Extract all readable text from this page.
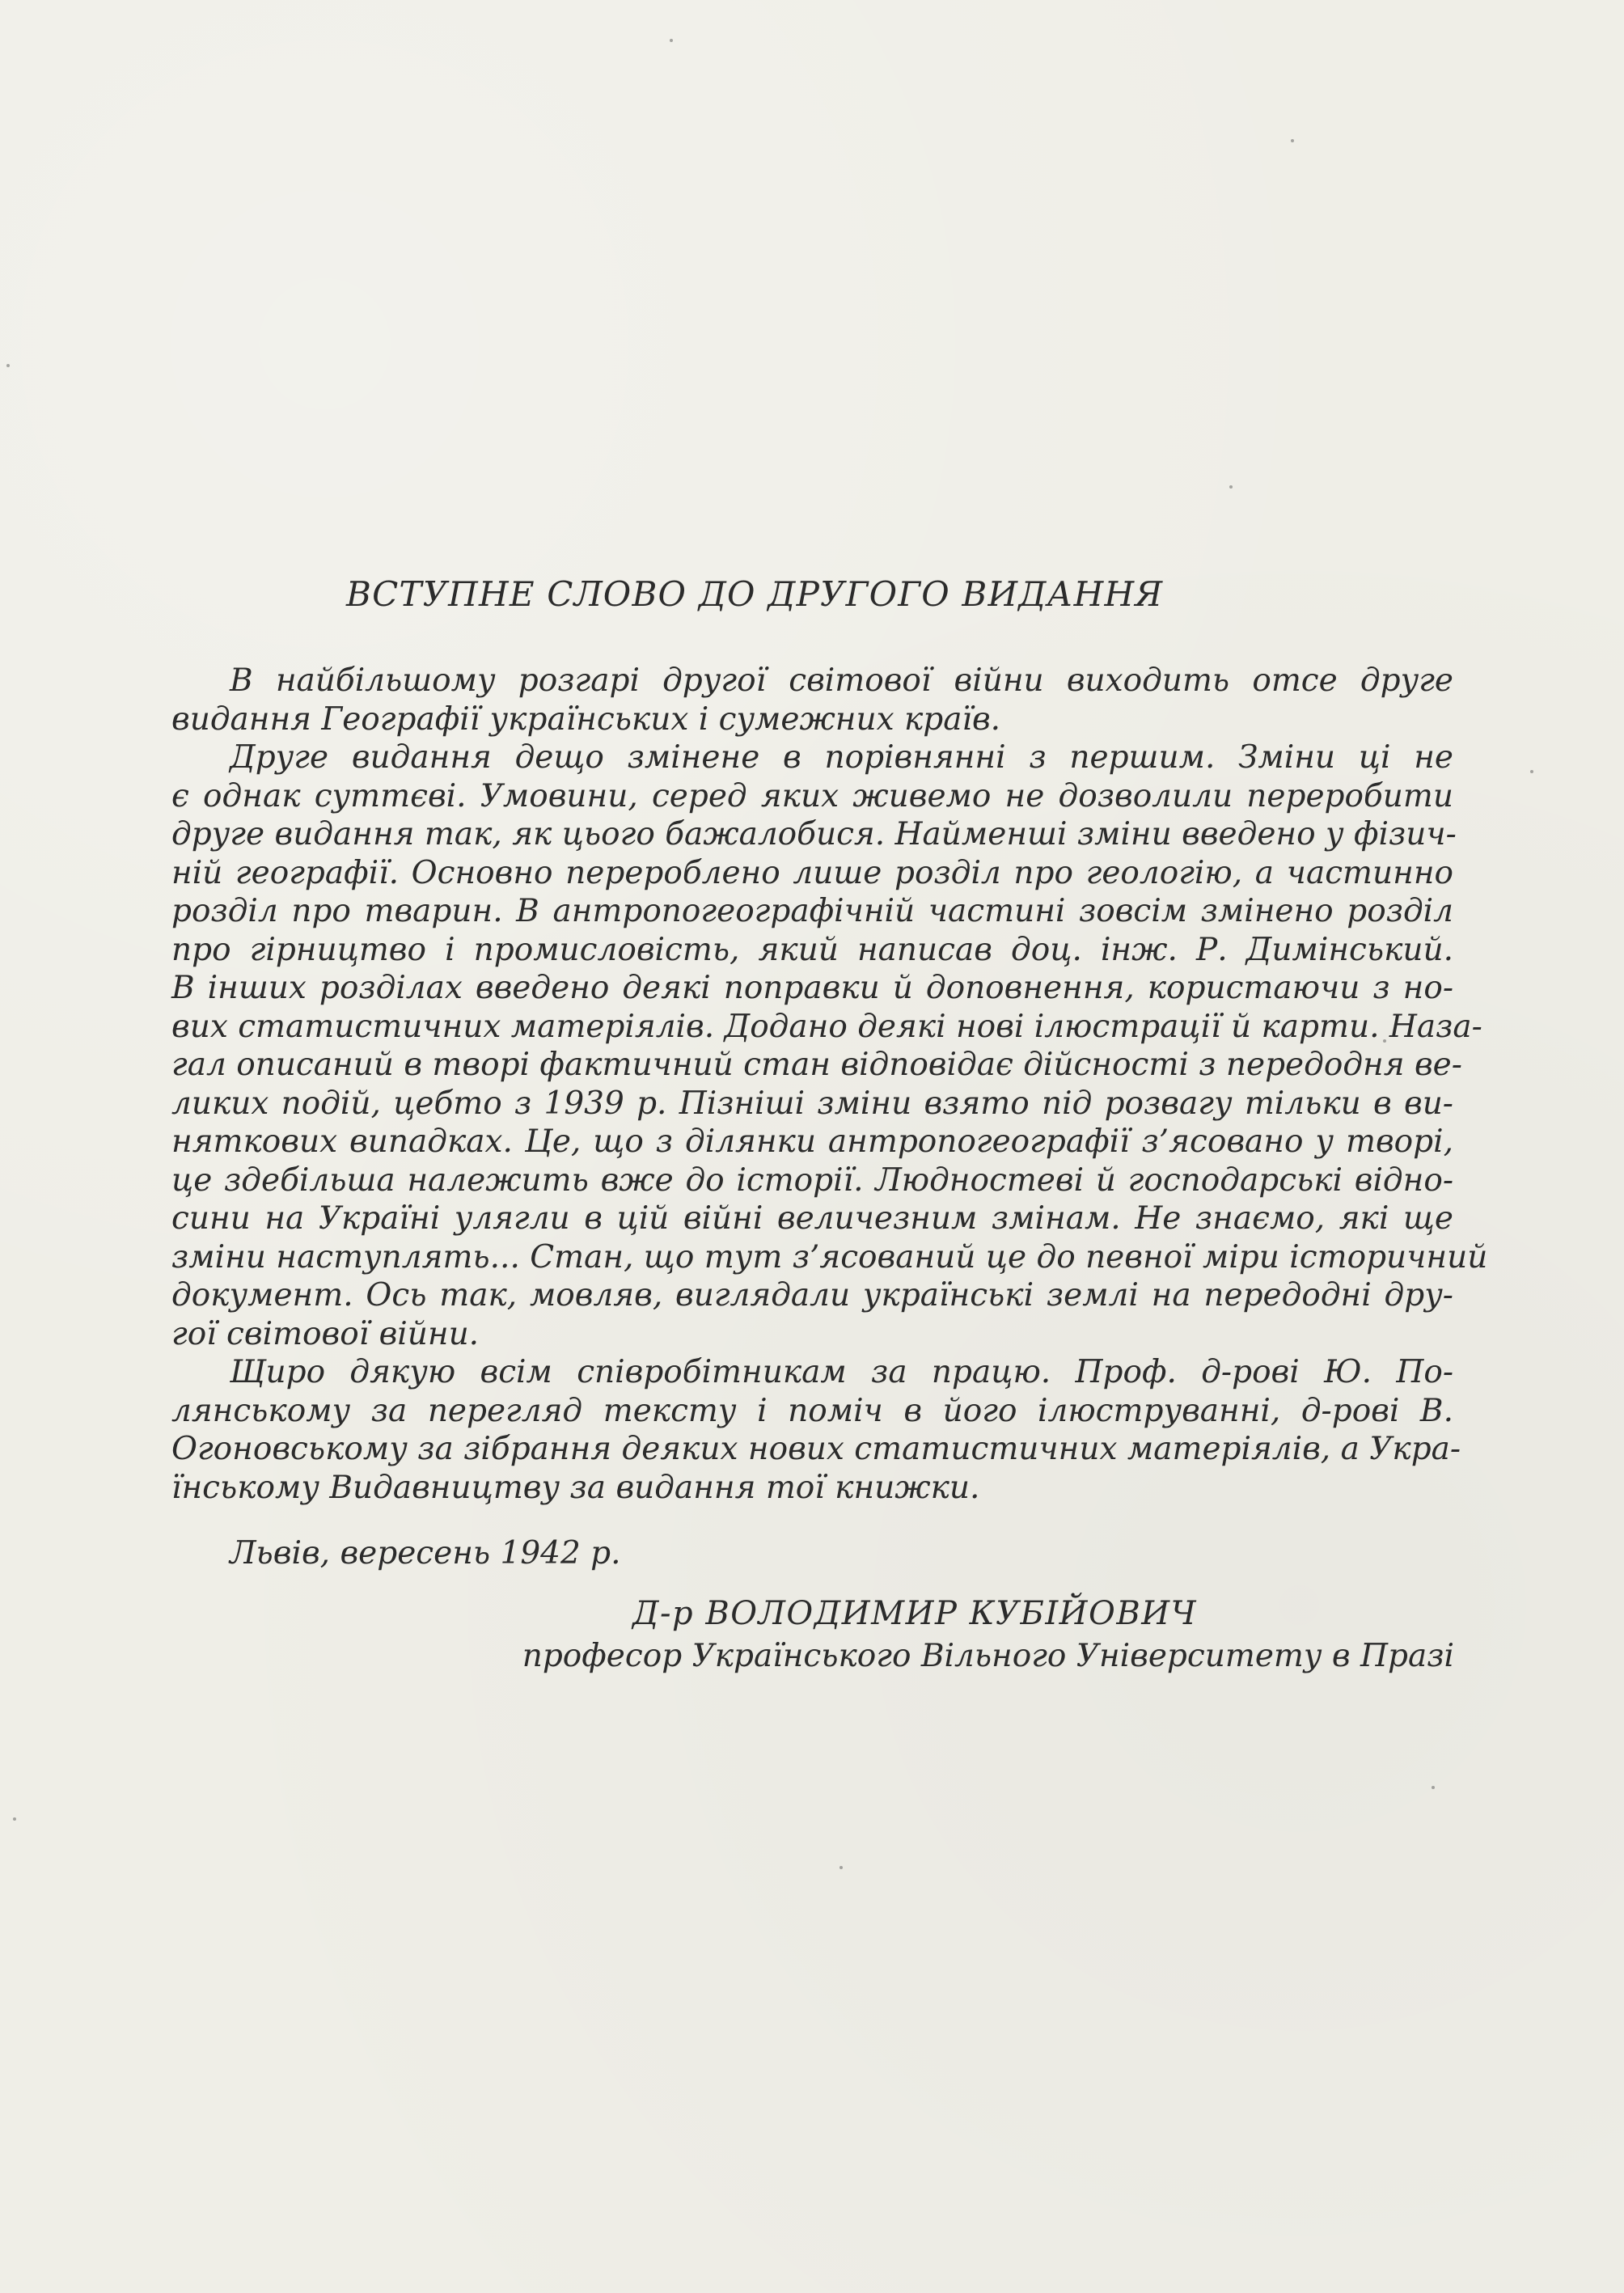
ВСТУПНЕ СЛОВО ДО ДРУГОГО ВИДАННЯ
В найбільшому розгарі другої світової війни виходить отсе друге
видання Географії українських і сумежних країв.
Друге видання дещо змінене в порівнянні з першим. Зміни ці не
є однак суттєві. Умовини, серед яких живемо не дозволили переробити
друге видання так, як цього бажалобися. Найменші зміни введено у фізич-
ній географії. Основно перероблено лише розділ про геологію, а частинно
розділ про тварин. В антропогеографічній частині зовсім змінено розділ
про гірництво і промисловість, який написав доц. інж. Р. Димінський.
В інших розділах введено деякі поправки й доповнення, користаючи з но-
вих статистичних матеріялів. Додано деякі нові ілюстрації й карти. Наза-
гал описаний в творі фактичний стан відповідає дійсності з передодня ве-
ликих подій, цебто з 1939 р. Пізніші зміни взято під розвагу тільки в ви-
няткових випадках. Це, що з ділянки антропогеографії з’ясовано у творі,
це здебільша належить вже до історії. Людностеві й господарські відно-
сини на Україні улягли в цій війні величезним змінам. Не знаємо, які ще
зміни наступлять... Стан, що тут з’ясований це до певної міри історичний
документ. Ось так, мовляв, виглядали українські землі на передодні дру-
гої світової війни.
Щиро дякую всім співробітникам за працю. Проф. д-рові Ю. По-
лянському за перегляд тексту і поміч в його ілюструванні, д-рові В.
Огоновському за зібрання деяких нових статистичних матеріялів, а Укра-
їнському Видавництву за видання тої книжки.
Львів, вересень 1942 р.
Д-р ВОЛОДИМИР КУБІЙОВИЧ
професор Українського Вільного Університету в Празі
